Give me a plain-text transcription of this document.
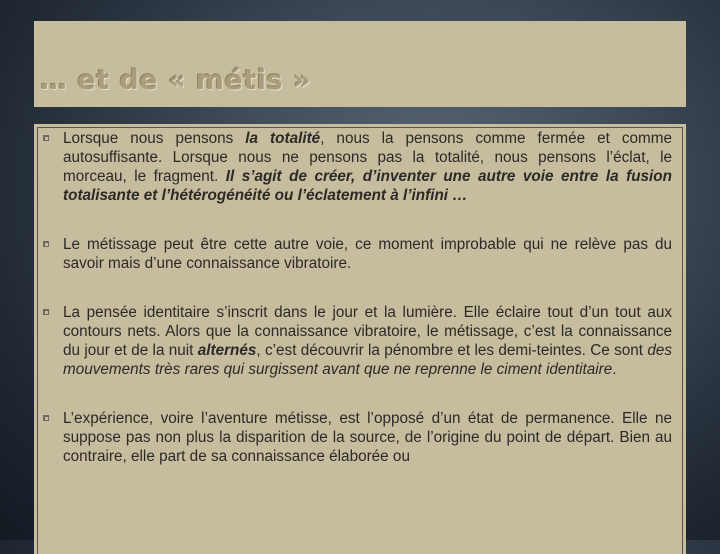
… et de « métis »
Lorsque nous pensons la totalité, nous la pensons comme fermée et comme autosuffisante. Lorsque nous ne pensons pas la totalité, nous pensons l’éclat, le morceau, le fragment. Il s’agit de créer, d’inventer une autre voie entre la fusion totalisante et l’hétérogénéité ou l’éclatement à l’infini …
Le métissage peut être cette autre voie, ce moment improbable qui ne relève pas du savoir mais d’une connaissance vibratoire.
La pensée identitaire s’inscrit dans le jour et la lumière. Elle éclaire tout d’un tout aux contours nets. Alors que la connaissance vibratoire, le métissage, c’est la connaissance du jour et de la nuit alternés, c’est découvrir la pénombre et les demi-teintes. Ce sont des mouvements très rares qui surgissent avant que ne reprenne le ciment identitaire.
L’expérience, voire l’aventure métisse, est l’opposé d’un état de permanence. Elle ne suppose pas non plus la disparition de la source, de l’origine du point de départ. Bien au contraire, elle part de sa connaissance élaborée ou
